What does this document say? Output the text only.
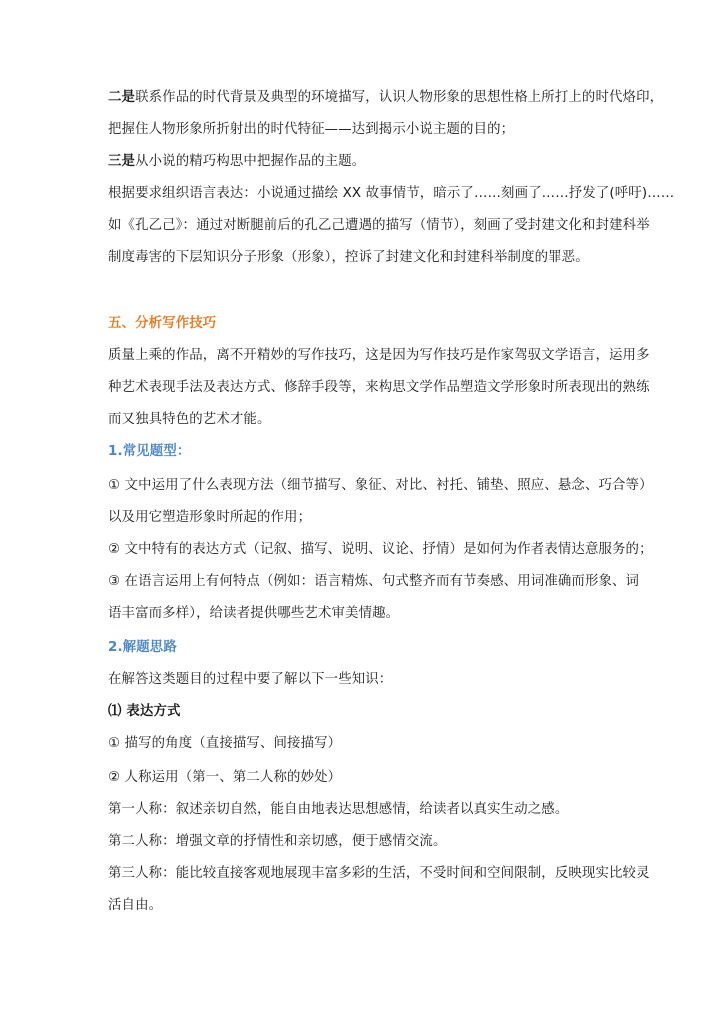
二是联系作品的时代背景及典型的环境描写，认识人物形象的思想性格上所打上的时代烙印，
把握住人物形象所折射出的时代特征——达到揭示小说主题的目的；
三是从小说的精巧构思中把握作品的主题。
根据要求组织语言表达：小说通过描绘 XX 故事情节，暗示了……刻画了……抒发了(呼吁)……
如《孔乙己》：通过对断腿前后的孔乙己遭遇的描写（情节），刻画了受封建文化和封建科举
制度毒害的下层知识分子形象（形象），控诉了封建文化和封建科举制度的罪恶。
五、分析写作技巧
质量上乘的作品，离不开精妙的写作技巧，这是因为写作技巧是作家驾驭文学语言，运用多
种艺术表现手法及表达方式、修辞手段等，来构思文学作品塑造文学形象时所表现出的熟练
而又独具特色的艺术才能。
1.常见题型：
① 文中运用了什么表现方法（细节描写、象征、对比、衬托、铺垫、照应、悬念、巧合等）
以及用它塑造形象时所起的作用；
② 文中特有的表达方式（记叙、描写、说明、议论、抒情）是如何为作者表情达意服务的；
③ 在语言运用上有何特点（例如：语言精炼、句式整齐而有节奏感、用词准确而形象、词
语丰富而多样），给读者提供哪些艺术审美情趣。
2.解题思路
在解答这类题目的过程中要了解以下一些知识：
⑴ 表达方式
① 描写的角度（直接描写、间接描写）
② 人称运用（第一、第二人称的妙处）
第一人称：叙述亲切自然，能自由地表达思想感情，给读者以真实生动之感。
第二人称：增强文章的抒情性和亲切感，便于感情交流。
第三人称：能比较直接客观地展现丰富多彩的生活，不受时间和空间限制，反映现实比较灵
活自由。
